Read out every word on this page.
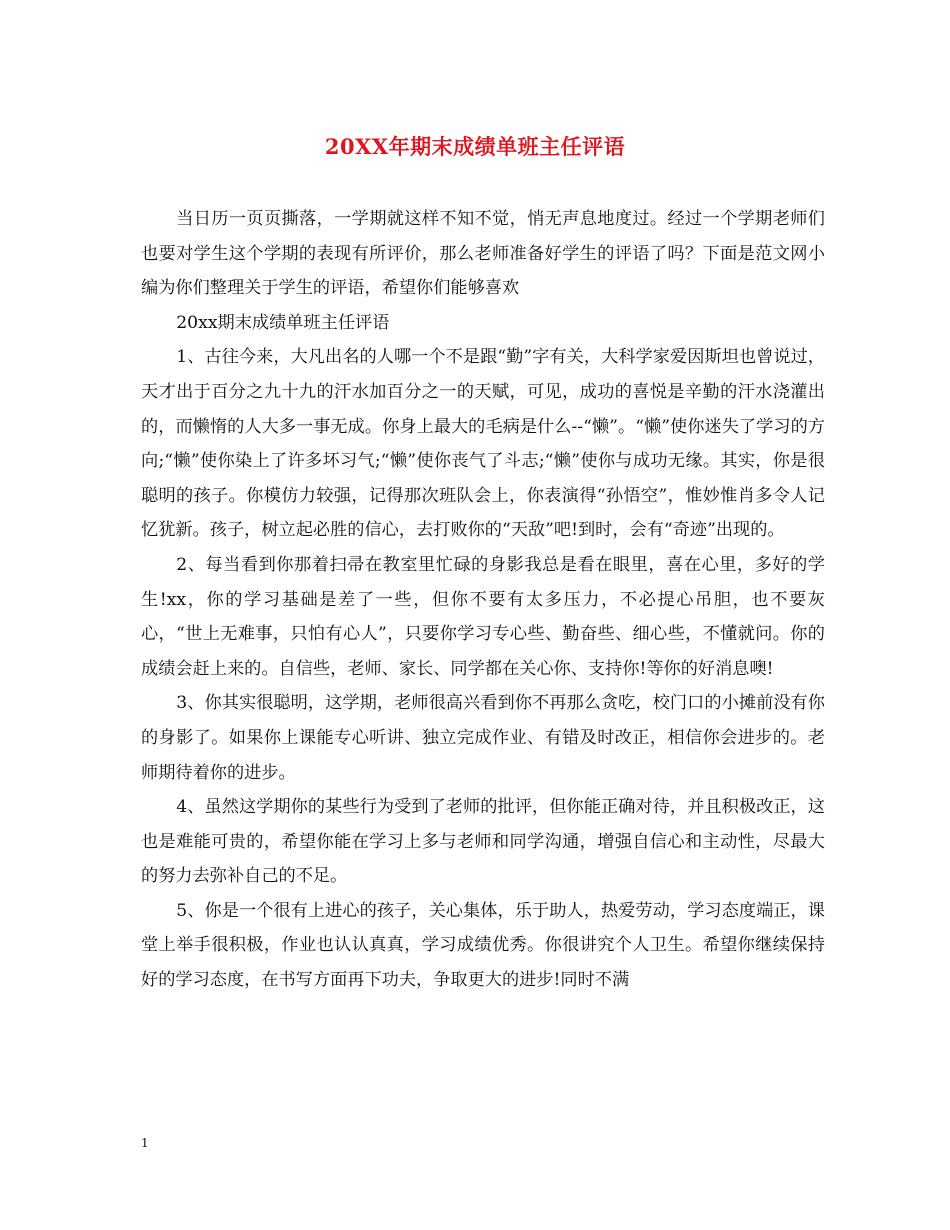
20XX年期末成绩单班主任评语

当日历一页页撕落，一学期就这样不知不觉，悄无声息地度过。经过一个学期老师们也要对学生这个学期的表现有所评价，那么老师准备好学生的评语了吗？下面是范文网小编为你们整理关于学生的评语，希望你们能够喜欢

20xx期末成绩单班主任评语

1、古往今来，大凡出名的人哪一个不是跟“勤”字有关，大科学家爱因斯坦也曾说过，天才出于百分之九十九的汗水加百分之一的天赋，可见，成功的喜悦是辛勤的汗水浇灌出的，而懒惰的人大多一事无成。你身上最大的毛病是什么--“懒”。“懒”使你迷失了学习的方向;“懒”使你染上了许多坏习气;“懒”使你丧气了斗志;“懒”使你与成功无缘。其实，你是很聪明的孩子。你模仿力较强，记得那次班队会上，你表演得“孙悟空”，惟妙惟肖多令人记忆犹新。孩子，树立起必胜的信心，去打败你的“天敌”吧!到时，会有“奇迹”出现的。

2、每当看到你那着扫帚在教室里忙碌的身影我总是看在眼里，喜在心里，多好的学生!xx，你的学习基础是差了一些，但你不要有太多压力，不必提心吊胆，也不要灰心，“世上无难事，只怕有心人”，只要你学习专心些、勤奋些、细心些，不懂就问。你的成绩会赶上来的。自信些，老师、家长、同学都在关心你、支持你!等你的好消息噢!

3、你其实很聪明，这学期，老师很高兴看到你不再那么贪吃，校门口的小摊前没有你的身影了。如果你上课能专心听讲、独立完成作业、有错及时改正，相信你会进步的。老师期待着你的进步。

4、虽然这学期你的某些行为受到了老师的批评，但你能正确对待，并且积极改正，这也是难能可贵的，希望你能在学习上多与老师和同学沟通，增强自信心和主动性，尽最大的努力去弥补自己的不足。

5、你是一个很有上进心的孩子，关心集体，乐于助人，热爱劳动，学习态度端正，课堂上举手很积极，作业也认认真真，学习成绩优秀。你很讲究个人卫生。希望你继续保持好的学习态度，在书写方面再下功夫，争取更大的进步!同时不满

1
